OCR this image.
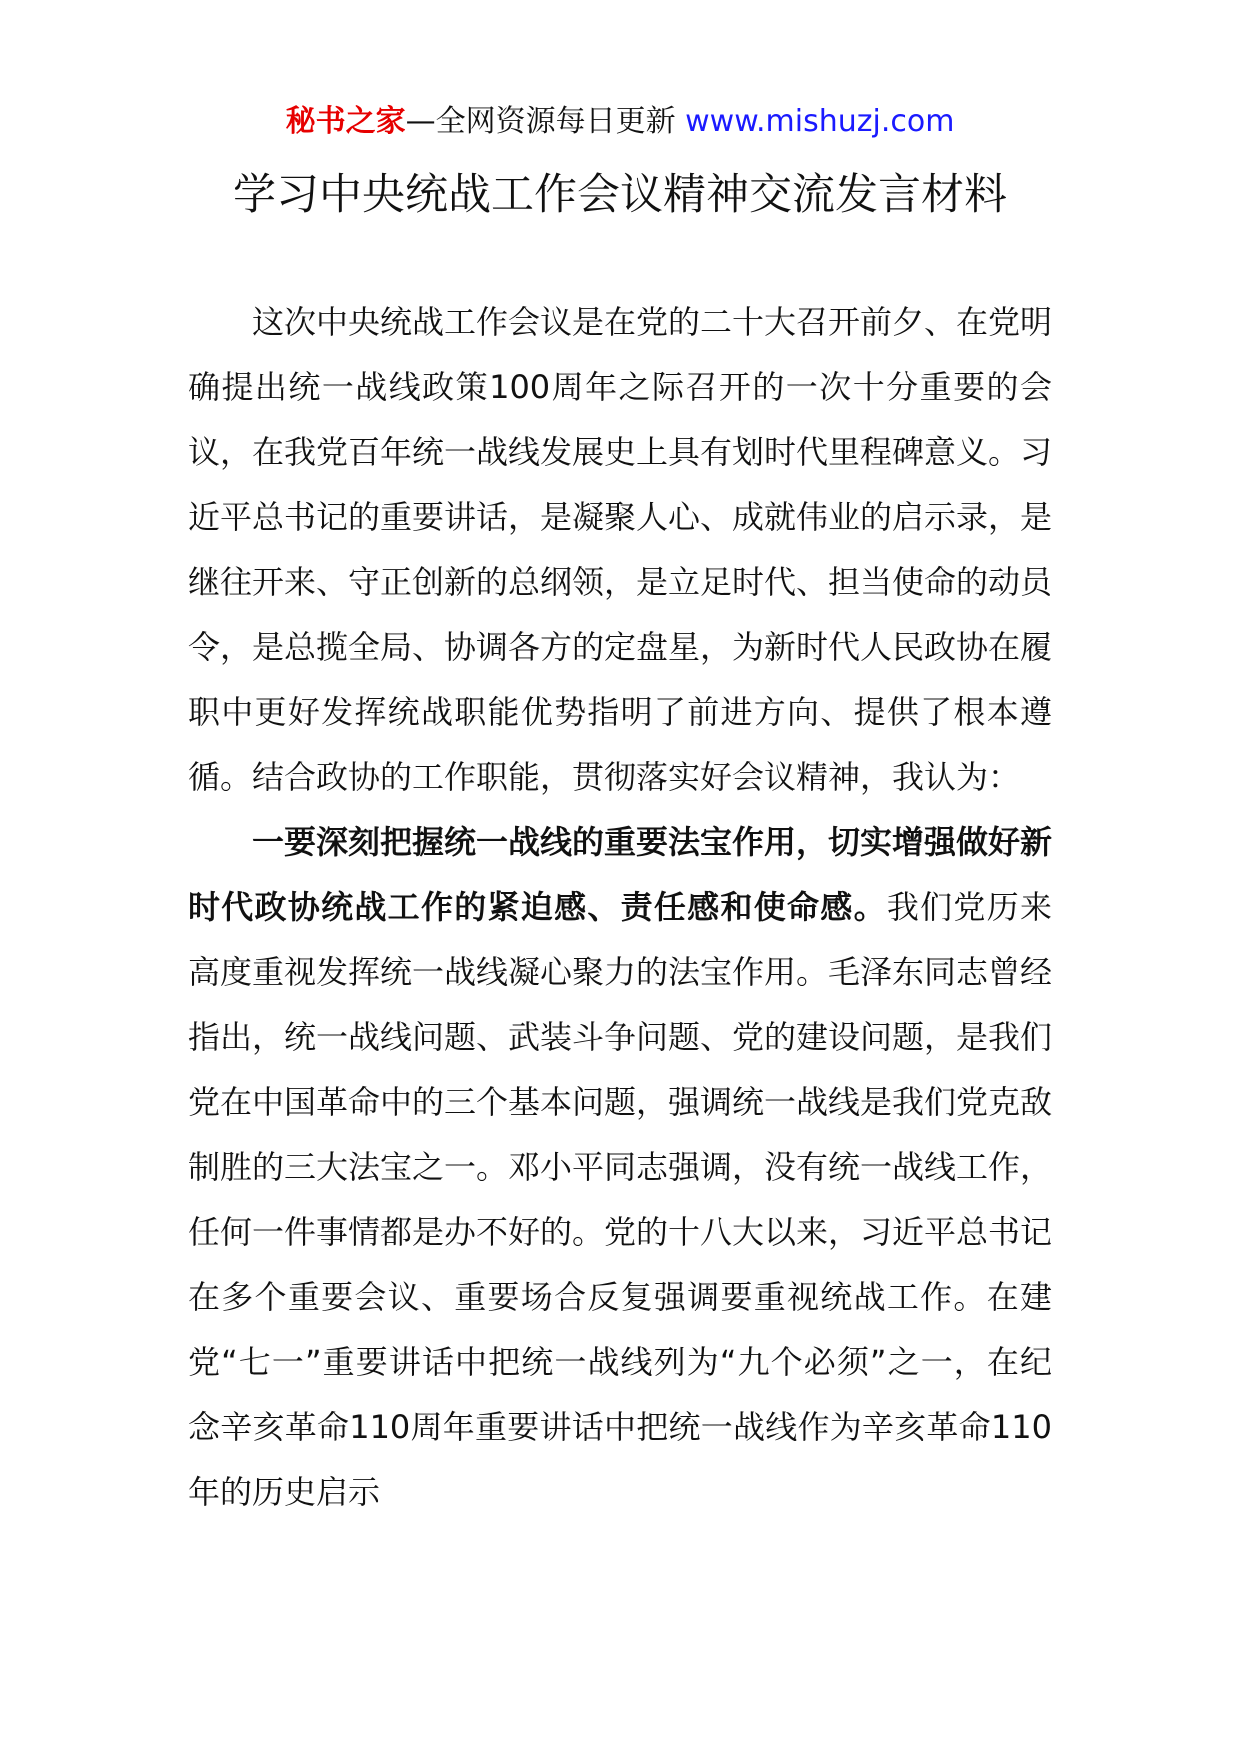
秘书之家—全网资源每日更新 www.mishuzj.com
学习中央统战工作会议精神交流发言材料

这次中央统战工作会议是在党的二十大召开前夕、在党明确提出统一战线政策100周年之际召开的一次十分重要的会议，在我党百年统一战线发展史上具有划时代里程碑意义。习近平总书记的重要讲话，是凝聚人心、成就伟业的启示录，是继往开来、守正创新的总纲领，是立足时代、担当使命的动员令，是总揽全局、协调各方的定盘星，为新时代人民政协在履职中更好发挥统战职能优势指明了前进方向、提供了根本遵循。结合政协的工作职能，贯彻落实好会议精神，我认为：

一要深刻把握统一战线的重要法宝作用，切实增强做好新时代政协统战工作的紧迫感、责任感和使命感。我们党历来高度重视发挥统一战线凝心聚力的法宝作用。毛泽东同志曾经指出，统一战线问题、武装斗争问题、党的建设问题，是我们党在中国革命中的三个基本问题，强调统一战线是我们党克敌制胜的三大法宝之一。邓小平同志强调，没有统一战线工作，任何一件事情都是办不好的。党的十八大以来，习近平总书记在多个重要会议、重要场合反复强调要重视统战工作。在建党“七一”重要讲话中把统一战线列为“九个必须”之一，在纪念辛亥革命110周年重要讲话中把统一战线作为辛亥革命110年的历史启示
